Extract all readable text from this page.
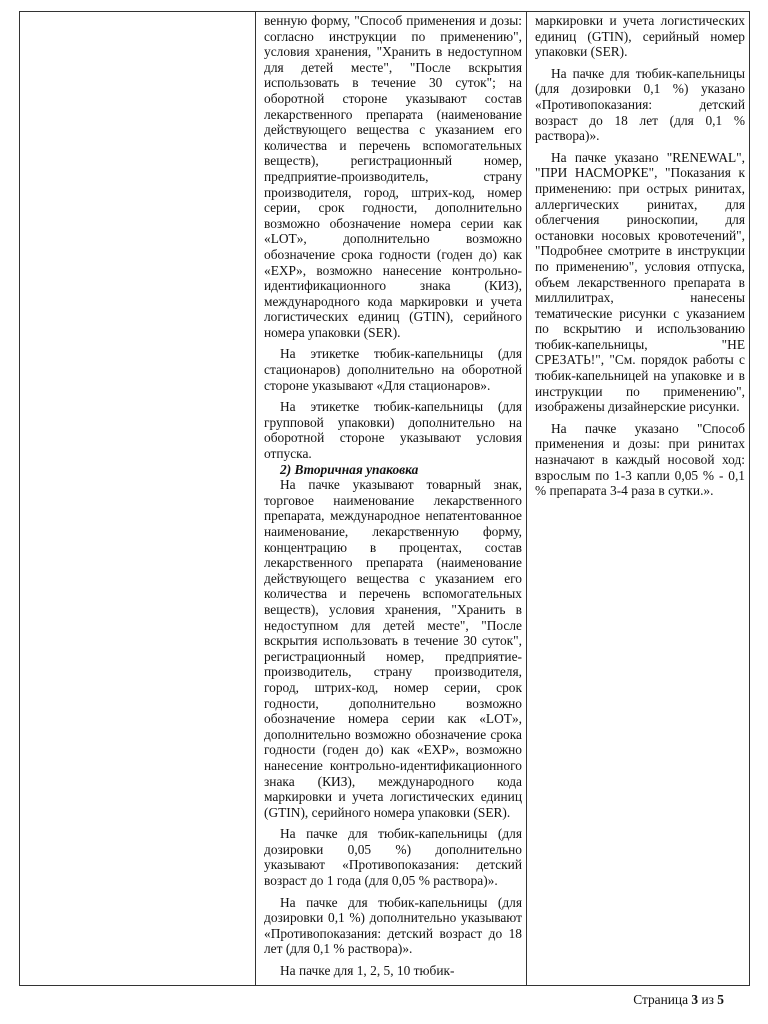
венную форму, "Способ применения и дозы: согласно инструкции по применению", условия хранения, "Хранить в недоступном для детей месте", "После вскрытия использовать в течение 30 суток"; на оборотной стороне указывают состав лекарственного препарата (наименование действующего вещества с указанием его количества и перечень вспомогательных веществ), регистрационный номер, предприятие-производитель, страну производителя, город, штрих-код, номер серии, срок годности, дополнительно возможно обозначение номера серии как «LOT», дополнительно возможно обозначение срока годности (годен до) как «EXP», возможно нанесение контрольно-идентификационного знака (КИЗ), международного кода маркировки и учета логистических единиц (GTIN), серийного номера упаковки (SER).

На этикетке тюбик-капельницы (для стационаров) дополнительно на оборотной стороне указывают «Для стационаров».

На этикетке тюбик-капельницы (для групповой упаковки) дополнительно на оборотной стороне указывают условия отпуска.

2) Вторичная упаковка

На пачке указывают товарный знак, торговое наименование лекарственного препарата, международное непатентованное наименование, лекарственную форму, концентрацию в процентах, состав лекарственного препарата (наименование действующего вещества с указанием его количества и перечень вспомогательных веществ), условия хранения, "Хранить в недоступном для детей месте", "После вскрытия использовать в течение 30 суток", регистрационный номер, предприятие-производитель, страну производителя, город, штрих-код, номер серии, срок годности, дополнительно возможно обозначение номера серии как «LOT», дополнительно возможно обозначение срока годности (годен до) как «EXP», возможно нанесение контрольно-идентификационного знака (КИЗ), международного кода маркировки и учета логистических единиц (GTIN), серийного номера упаковки (SER).

На пачке для тюбик-капельницы (для дозировки 0,05 %) дополнительно указывают «Противопоказания: детский возраст до 1 года (для 0,05 % раствора)».

На пачке для тюбик-капельницы (для дозировки 0,1 %) дополнительно указывают «Противопоказания: детский возраст до 18 лет (для 0,1 % раствора)».

На пачке для 1, 2, 5, 10 тюбик-

маркировки и учета логистических единиц (GTIN), серийный номер упаковки (SER).

На пачке для тюбик-капельницы (для дозировки 0,1 %) указано «Противопоказания: детский возраст до 18 лет (для 0,1 % раствора)».

На пачке указано "RENEWAL", "ПРИ НАСМОРКЕ", "Показания к применению: при острых ринитах, аллергических ринитах, для облегчения риноскопии, для остановки носовых кровотечений", "Подробнее смотрите в инструкции по применению", условия отпуска, объем лекарственного препарата в миллилитрах, нанесены тематические рисунки с указанием по вскрытию и использованию тюбик-капельницы, "НЕ СРЕЗАТЬ!", "См. порядок работы с тюбик-капельницей на упаковке и в инструкции по применению", изображены дизайнерские рисунки.

На пачке указано "Способ применения и дозы: при ринитах назначают в каждый носовой ход: взрослым по 1-3 капли 0,05 % - 0,1 % препарата 3-4 раза в сутки.».

Страница 3 из 5
